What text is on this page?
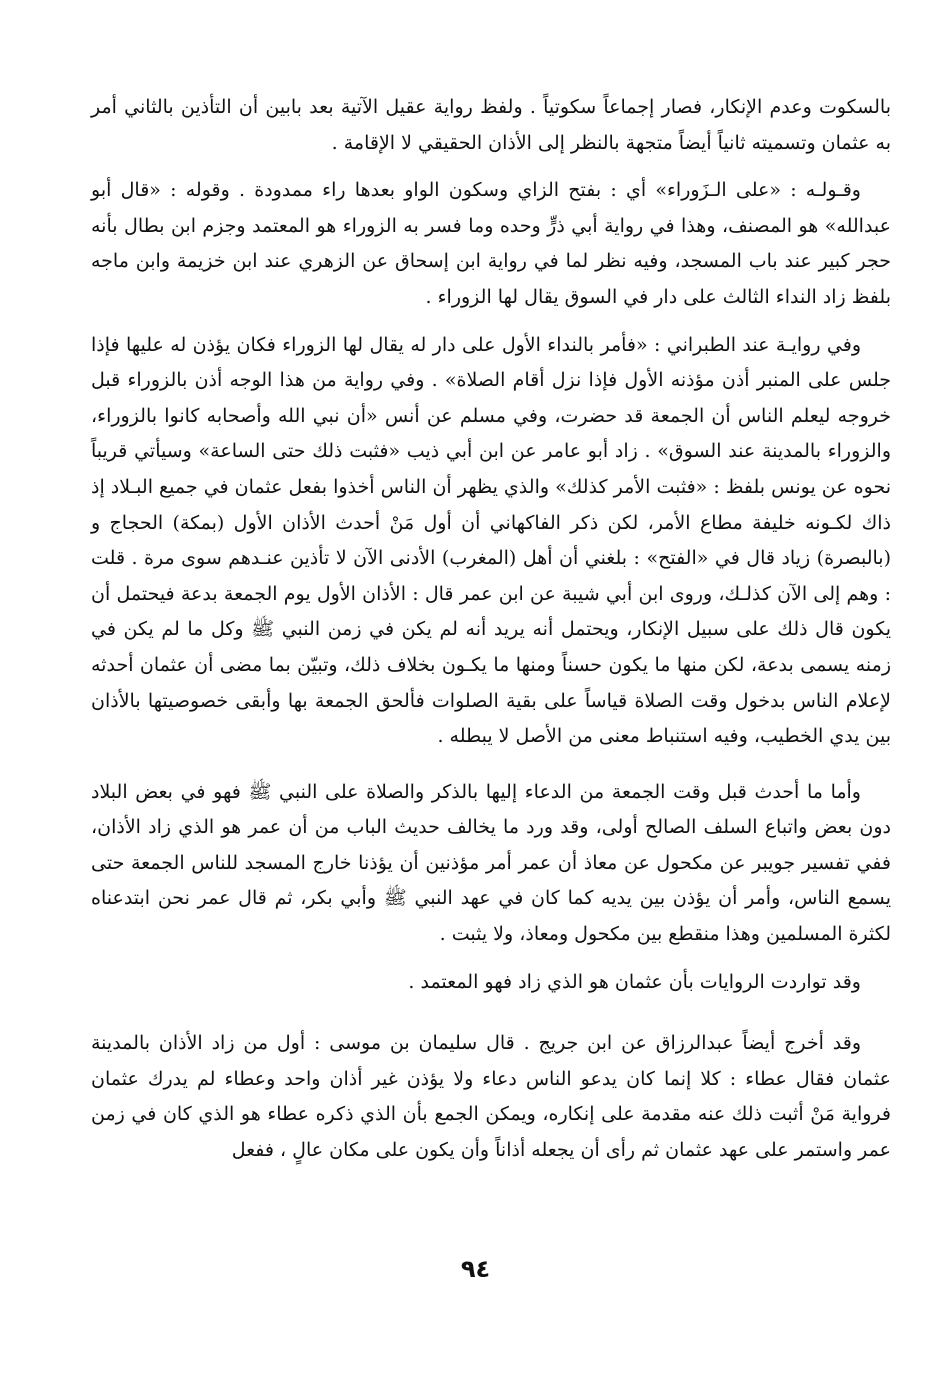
بالسكوت وعدم الإنكار، فصار إجماعاً سكوتياً . ولفظ رواية عقيل الآتية بعد بابين أن التأذين بالثاني أمر به عثمان وتسميته ثانياً أيضاً متجهة بالنظر إلى الأذان الحقيقي لا الإقامة .

وقـولـه : «على الـزَوراء» أي : بفتح الزاي وسكون الواو بعدها راء ممدودة . وقوله : «قال أبو عبدالله» هو المصنف، وهذا في رواية أبي ذرٍّ وحده وما فسر به الزوراء هو المعتمد وجزم ابن بطال بأنه حجر كبير عند باب المسجد، وفيه نظر لما في رواية ابن إسحاق عن الزهري عند ابن خزيمة وابن ماجه بلفظ زاد النداء الثالث على دار في السوق يقال لها الزوراء .

وفي روايـة عند الطبراني : «فأمر بالنداء الأول على دار له يقال لها الزوراء فكان يؤذن له عليها فإذا جلس على المنبر أذن مؤذنه الأول فإذا نزل أقام الصلاة» . وفي رواية من هذا الوجه أذن بالزوراء قبل خروجه ليعلم الناس أن الجمعة قد حضرت، وفي مسلم عن أنس «أن نبي الله وأصحابه كانوا بالزوراء، والزوراء بالمدينة عند السوق» . زاد أبو عامر عن ابن أبي ذيب «فثبت ذلك حتى الساعة» وسيأتي قريباً نحوه عن يونس بلفظ : «فثبت الأمر كذلك» والذي يظهر أن الناس أخذوا بفعل عثمان في جميع البـلاد إذ ذاك لكـونه خليفة مطاع الأمر، لكن ذكر الفاكهاني أن أول مَنْ أحدث الأذان الأول (بمكة) الحجاج و (بالبصرة) زياد قال في «الفتح» : بلغني أن أهل (المغرب) الأدنى الآن لا تأذين عنـدهم سوى مرة . قلت : وهم إلى الآن كذلـك، وروى ابن أبي شيبة عن ابن عمر قال : الأذان الأول يوم الجمعة بدعة فيحتمل أن يكون قال ذلك على سبيل الإنكار، ويحتمل أنه يريد أنه لم يكن في زمن النبي ﷺ وكل ما لم يكن في زمنه يسمى بدعة، لكن منها ما يكون حسناً ومنها ما يكـون بخلاف ذلك، وتبيّن بما مضى أن عثمان أحدثه لإعلام الناس بدخول وقت الصلاة قياساً على بقية الصلوات فألحق الجمعة بها وأبقى خصوصيتها بالأذان بين يدي الخطيب، وفيه استنباط معنى من الأصل لا يبطله .

وأما ما أحدث قبل وقت الجمعة من الدعاء إليها بالذكر والصلاة على النبي ﷺ فهو في بعض البلاد دون بعض واتباع السلف الصالح أولى، وقد ورد ما يخالف حديث الباب من أن عمر هو الذي زاد الأذان، ففي تفسير جويبر عن مكحول عن معاذ أن عمر أمر مؤذنين أن يؤذنا خارج المسجد للناس الجمعة حتى يسمع الناس، وأمر أن يؤذن بين يديه كما كان في عهد النبي ﷺ وأبي بكر، ثم قال عمر نحن ابتدعناه لكثرة المسلمين وهذا منقطع بين مكحول ومعاذ، ولا يثبت .

وقد تواردت الروايات بأن عثمان هو الذي زاد فهو المعتمد .

وقد أخرج أيضاً عبدالرزاق عن ابن جريج . قال سليمان بن موسى : أول من زاد الأذان بالمدينة عثمان فقال عطاء : كلا إنما كان يدعو الناس دعاء ولا يؤذن غير أذان واحد وعطاء لم يدرك عثمان فرواية مَنْ أثبت ذلك عنه مقدمة على إنكاره، ويمكن الجمع بأن الذي ذكره عطاء هو الذي كان في زمن عمر واستمر على عهد عثمان ثم رأى أن يجعله أذاناً وأن يكون على مكان عالٍ ، ففعل

٩٤
